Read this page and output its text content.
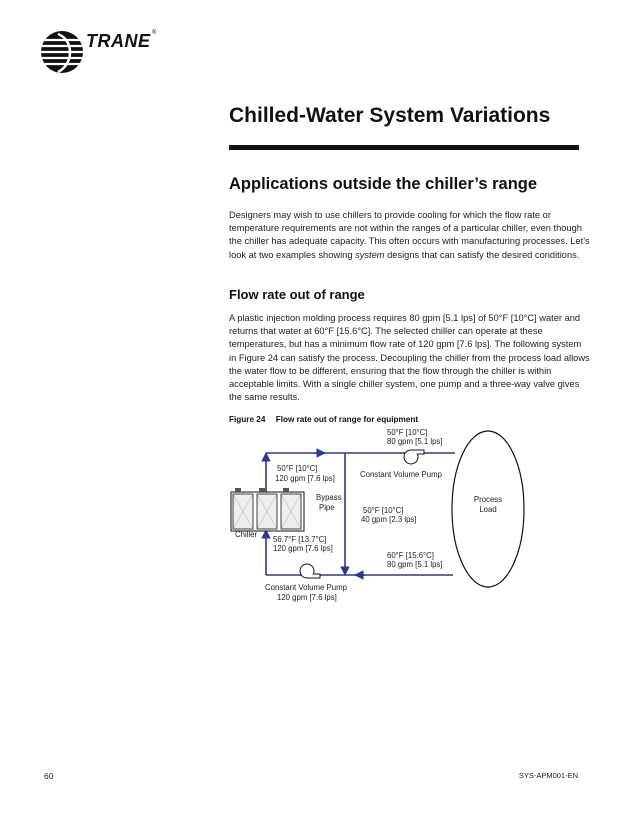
TRANE ®
Chilled-Water System Variations
Applications outside the chiller’s range

Designers may wish to use chillers to provide cooling for which the flow rate or temperature requirements are not within the ranges of a particular chiller, even though the chiller has adequate capacity. This often occurs with manufacturing processes. Let’s look at two examples showing system designs that can satisfy the desired conditions.

Flow rate out of range

A plastic injection molding process requires 80 gpm [5.1 lps] of 50°F [10°C] water and returns that water at 60°F [15.6°C]. The selected chiller can operate at these temperatures, but has a minimum flow rate of 120 gpm [7.6 lps]. The following system in Figure 24 can satisfy the process. Decoupling the chiller from the process load allows the water flow to be different, ensuring that the flow through the chiller is within acceptable limits. With a single chiller system, one pump and a three-way valve gives the same results.

Figure 24 Flow rate out of range for equipment
50°F [10°C]
80 gpm [5.1 lps]
Constant Volume Pump
50°F [10°C]
120 gpm [7.6 lps]
Bypass
Pipe	50°F [10°C]
40 gpm [2.3 lps]
Process
Load
Chiller
56.7°F [13.7°C]
120 gpm [7.6 lps]
60°F [15.6°C]
80 gpm [5.1 lps]
Constant Volume Pump
120 gpm [7.6 lps]
60	SYS-APM001-EN
